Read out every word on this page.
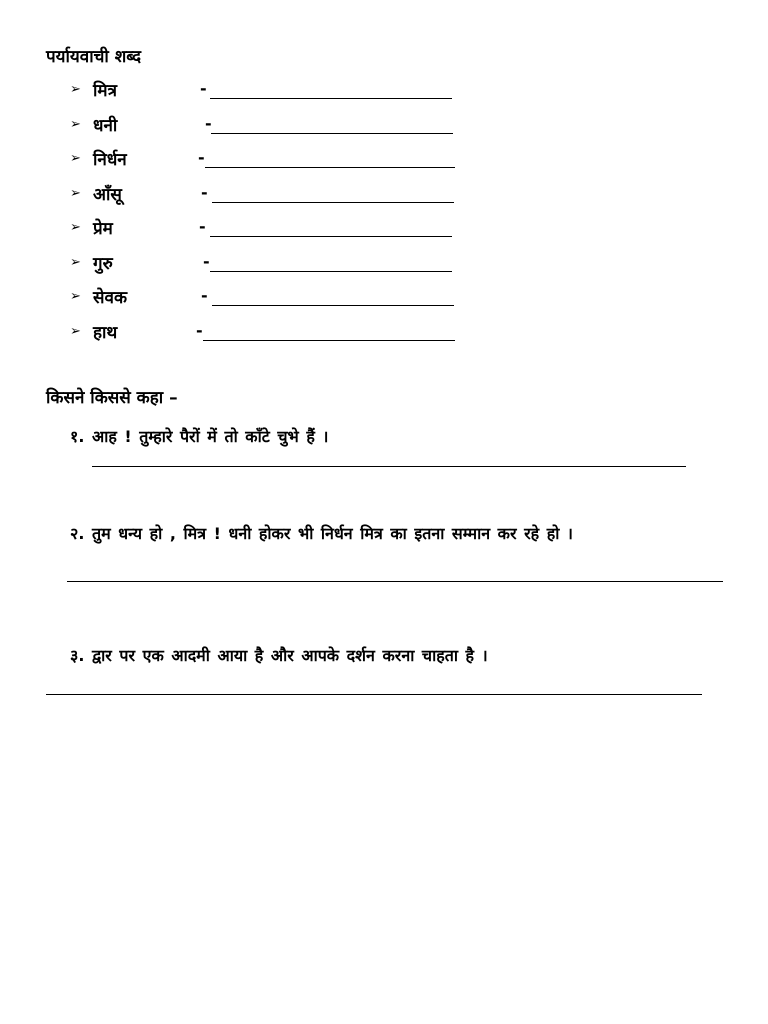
पर्यायवाची शब्द
➢ मित्र	-
➢ धनी	-
➢ निर्धन	-
➢ आँसू	-
➢ प्रेम	-
➢ गुरु	-
➢ सेवक	-
➢ हाथ	-
किसने किससे कहा –
१. आह ! तुम्हारे पैरों में तो काँटे चुभे हैं ।
२. तुम धन्य हो , मित्र ! धनी होकर भी निर्धन मित्र का इतना सम्मान कर रहे हो ।
३. द्वार पर एक आदमी आया है और आपके दर्शन करना चाहता है ।
